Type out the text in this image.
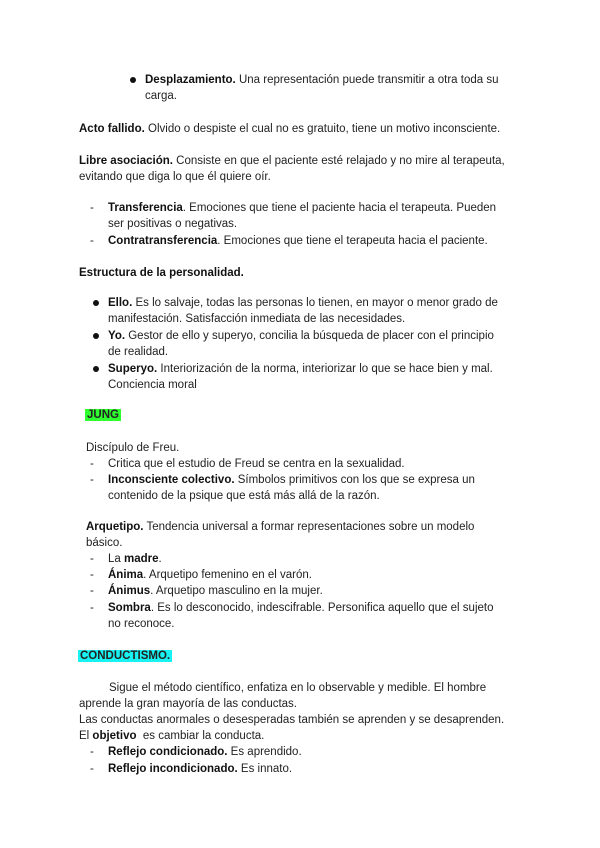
Desplazamiento. Una representación puede transmitir a otra toda su
carga.
Acto fallido. Olvido o despiste el cual no es gratuito, tiene un motivo inconsciente.
Libre asociación. Consiste en que el paciente esté relajado y no mire al terapeuta,
evitando que diga lo que él quiere oír.
- Transferencia. Emociones que tiene el paciente hacia el terapeuta. Pueden
ser positivas o negativas.
- Contratransferencia. Emociones que tiene el terapeuta hacia el paciente.
Estructura de la personalidad.
Ello. Es lo salvaje, todas las personas lo tienen, en mayor o menor grado de
manifestación. Satisfacción inmediata de las necesidades.
Yo. Gestor de ello y superyo, concilia la búsqueda de placer con el principio
de realidad.
Superyo. Interiorización de la norma, interiorizar lo que se hace bien y mal.
Conciencia moral
JUNG
Discípulo de Freu.
- Critica que el estudio de Freud se centra en la sexualidad.
- Inconsciente colectivo. Símbolos primitivos con los que se expresa un
contenido de la psique que está más allá de la razón.
Arquetipo. Tendencia universal a formar representaciones sobre un modelo
básico.
- La madre.
- Ánima. Arquetipo femenino en el varón.
- Ánimus. Arquetipo masculino en la mujer.
- Sombra. Es lo desconocido, indescifrable. Personifica aquello que el sujeto
no reconoce.
CONDUCTISMO.
Sigue el método científico, enfatiza en lo observable y medible. El hombre
aprende la gran mayoría de las conductas.
Las conductas anormales o desesperadas también se aprenden y se desaprenden.
El objetivo  es cambiar la conducta.
- Reflejo condicionado. Es aprendido.
- Reflejo incondicionado. Es innato.
